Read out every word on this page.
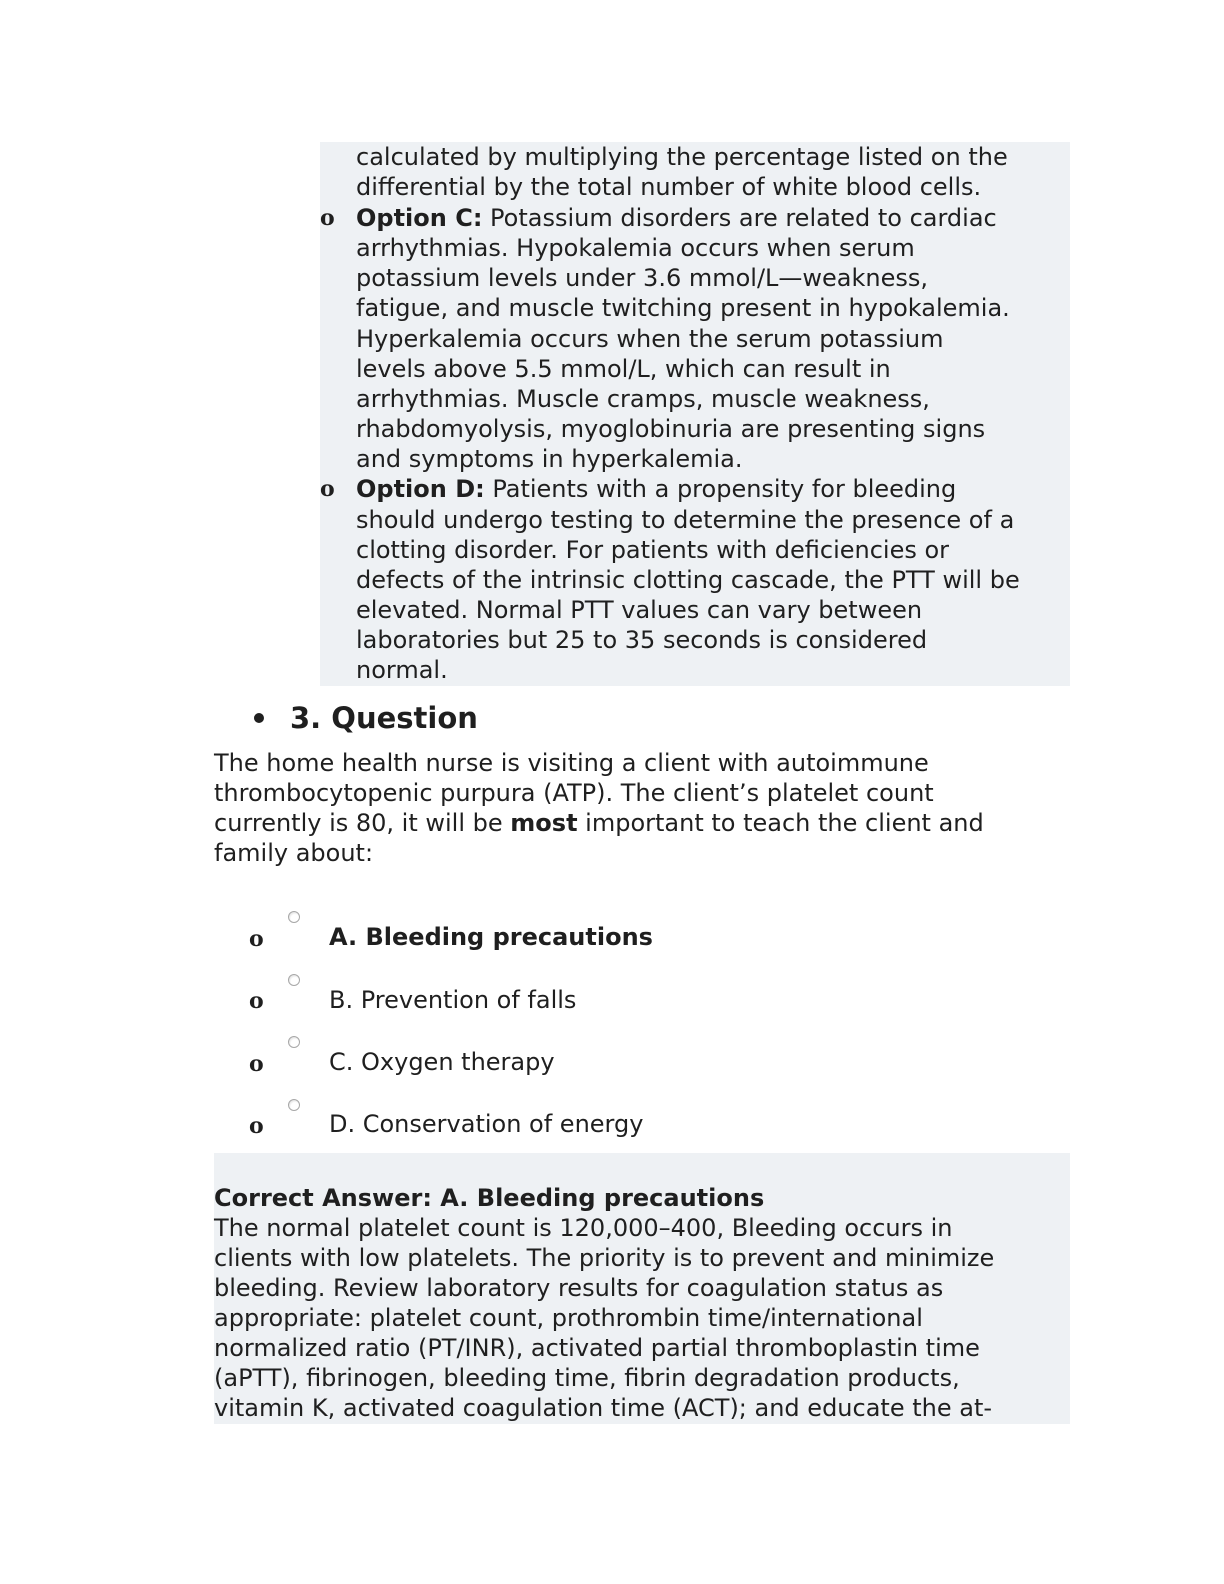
calculated by multiplying the percentage listed on the
differential by the total number of white blood cells.
o Option C: Potassium disorders are related to cardiac
arrhythmias. Hypokalemia occurs when serum
potassium levels under 3.6 mmol/L—weakness,
fatigue, and muscle twitching present in hypokalemia.
Hyperkalemia occurs when the serum potassium
levels above 5.5 mmol/L, which can result in
arrhythmias. Muscle cramps, muscle weakness,
rhabdomyolysis, myoglobinuria are presenting signs
and symptoms in hyperkalemia.
o Option D: Patients with a propensity for bleeding
should undergo testing to determine the presence of a
clotting disorder. For patients with deficiencies or
defects of the intrinsic clotting cascade, the PTT will be
elevated. Normal PTT values can vary between
laboratories but 25 to 35 seconds is considered
normal.
3. Question
The home health nurse is visiting a client with autoimmune
thrombocytopenic purpura (ATP). The client’s platelet count
currently is 80, it will be most important to teach the client and
family about:
o	A. Bleeding precautions
o	B. Prevention of falls
o	C. Oxygen therapy
o	D. Conservation of energy
Correct Answer: A. Bleeding precautions
The normal platelet count is 120,000–400, Bleeding occurs in
clients with low platelets. The priority is to prevent and minimize
bleeding. Review laboratory results for coagulation status as
appropriate: platelet count, prothrombin time/international
normalized ratio (PT/INR), activated partial thromboplastin time
(aPTT), fibrinogen, bleeding time, fibrin degradation products,
vitamin K, activated coagulation time (ACT); and educate the at-
